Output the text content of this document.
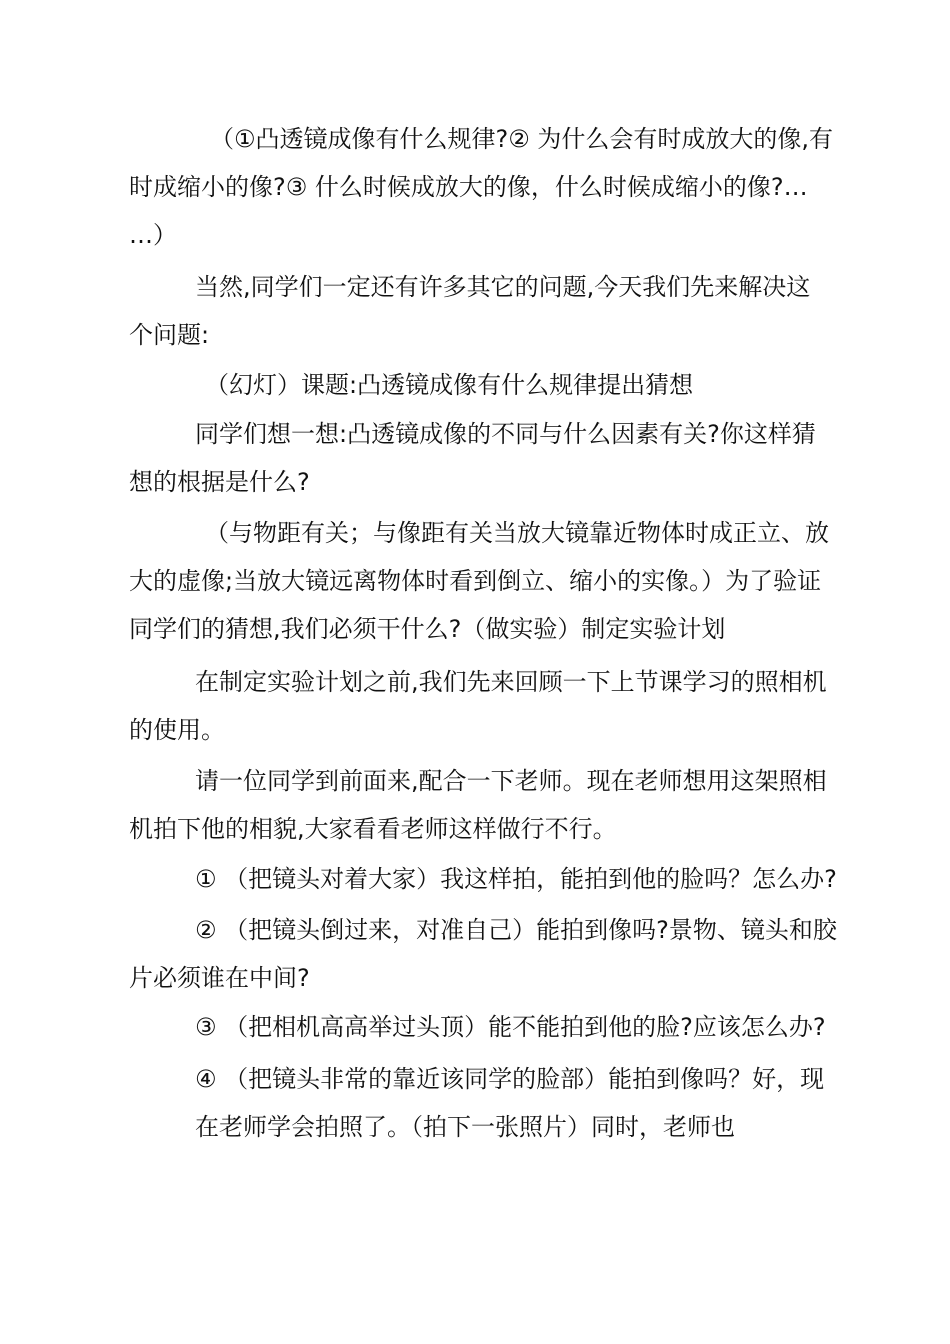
（①凸透镜成像有什么规律?② 为什么会有时成放大的像,有
时成缩小的像?③ 什么时候成放大的像，什么时候成缩小的像?…
…）
当然,同学们一定还有许多其它的问题,今天我们先来解决这
个问题:
（幻灯）课题:凸透镜成像有什么规律提出猜想
同学们想一想:凸透镜成像的不同与什么因素有关?你这样猜
想的根据是什么?
（与物距有关；与像距有关当放大镜靠近物体时成正立、放
大的虚像;当放大镜远离物体时看到倒立、缩小的实像。）为了验证
同学们的猜想,我们必须干什么?（做实验）制定实验计划
在制定实验计划之前,我们先来回顾一下上节课学习的照相机
的使用。
请一位同学到前面来,配合一下老师。现在老师想用这架照相
机拍下他的相貌,大家看看老师这样做行不行。
① （把镜头对着大家）我这样拍，能拍到他的脸吗？怎么办?
② （把镜头倒过来，对准自己）能拍到像吗?景物、镜头和胶
片必须谁在中间?
③ （把相机高高举过头顶）能不能拍到他的脸?应该怎么办?
④ （把镜头非常的靠近该同学的脸部）能拍到像吗？好，现
在老师学会拍照了。（拍下一张照片）同时，老师也
